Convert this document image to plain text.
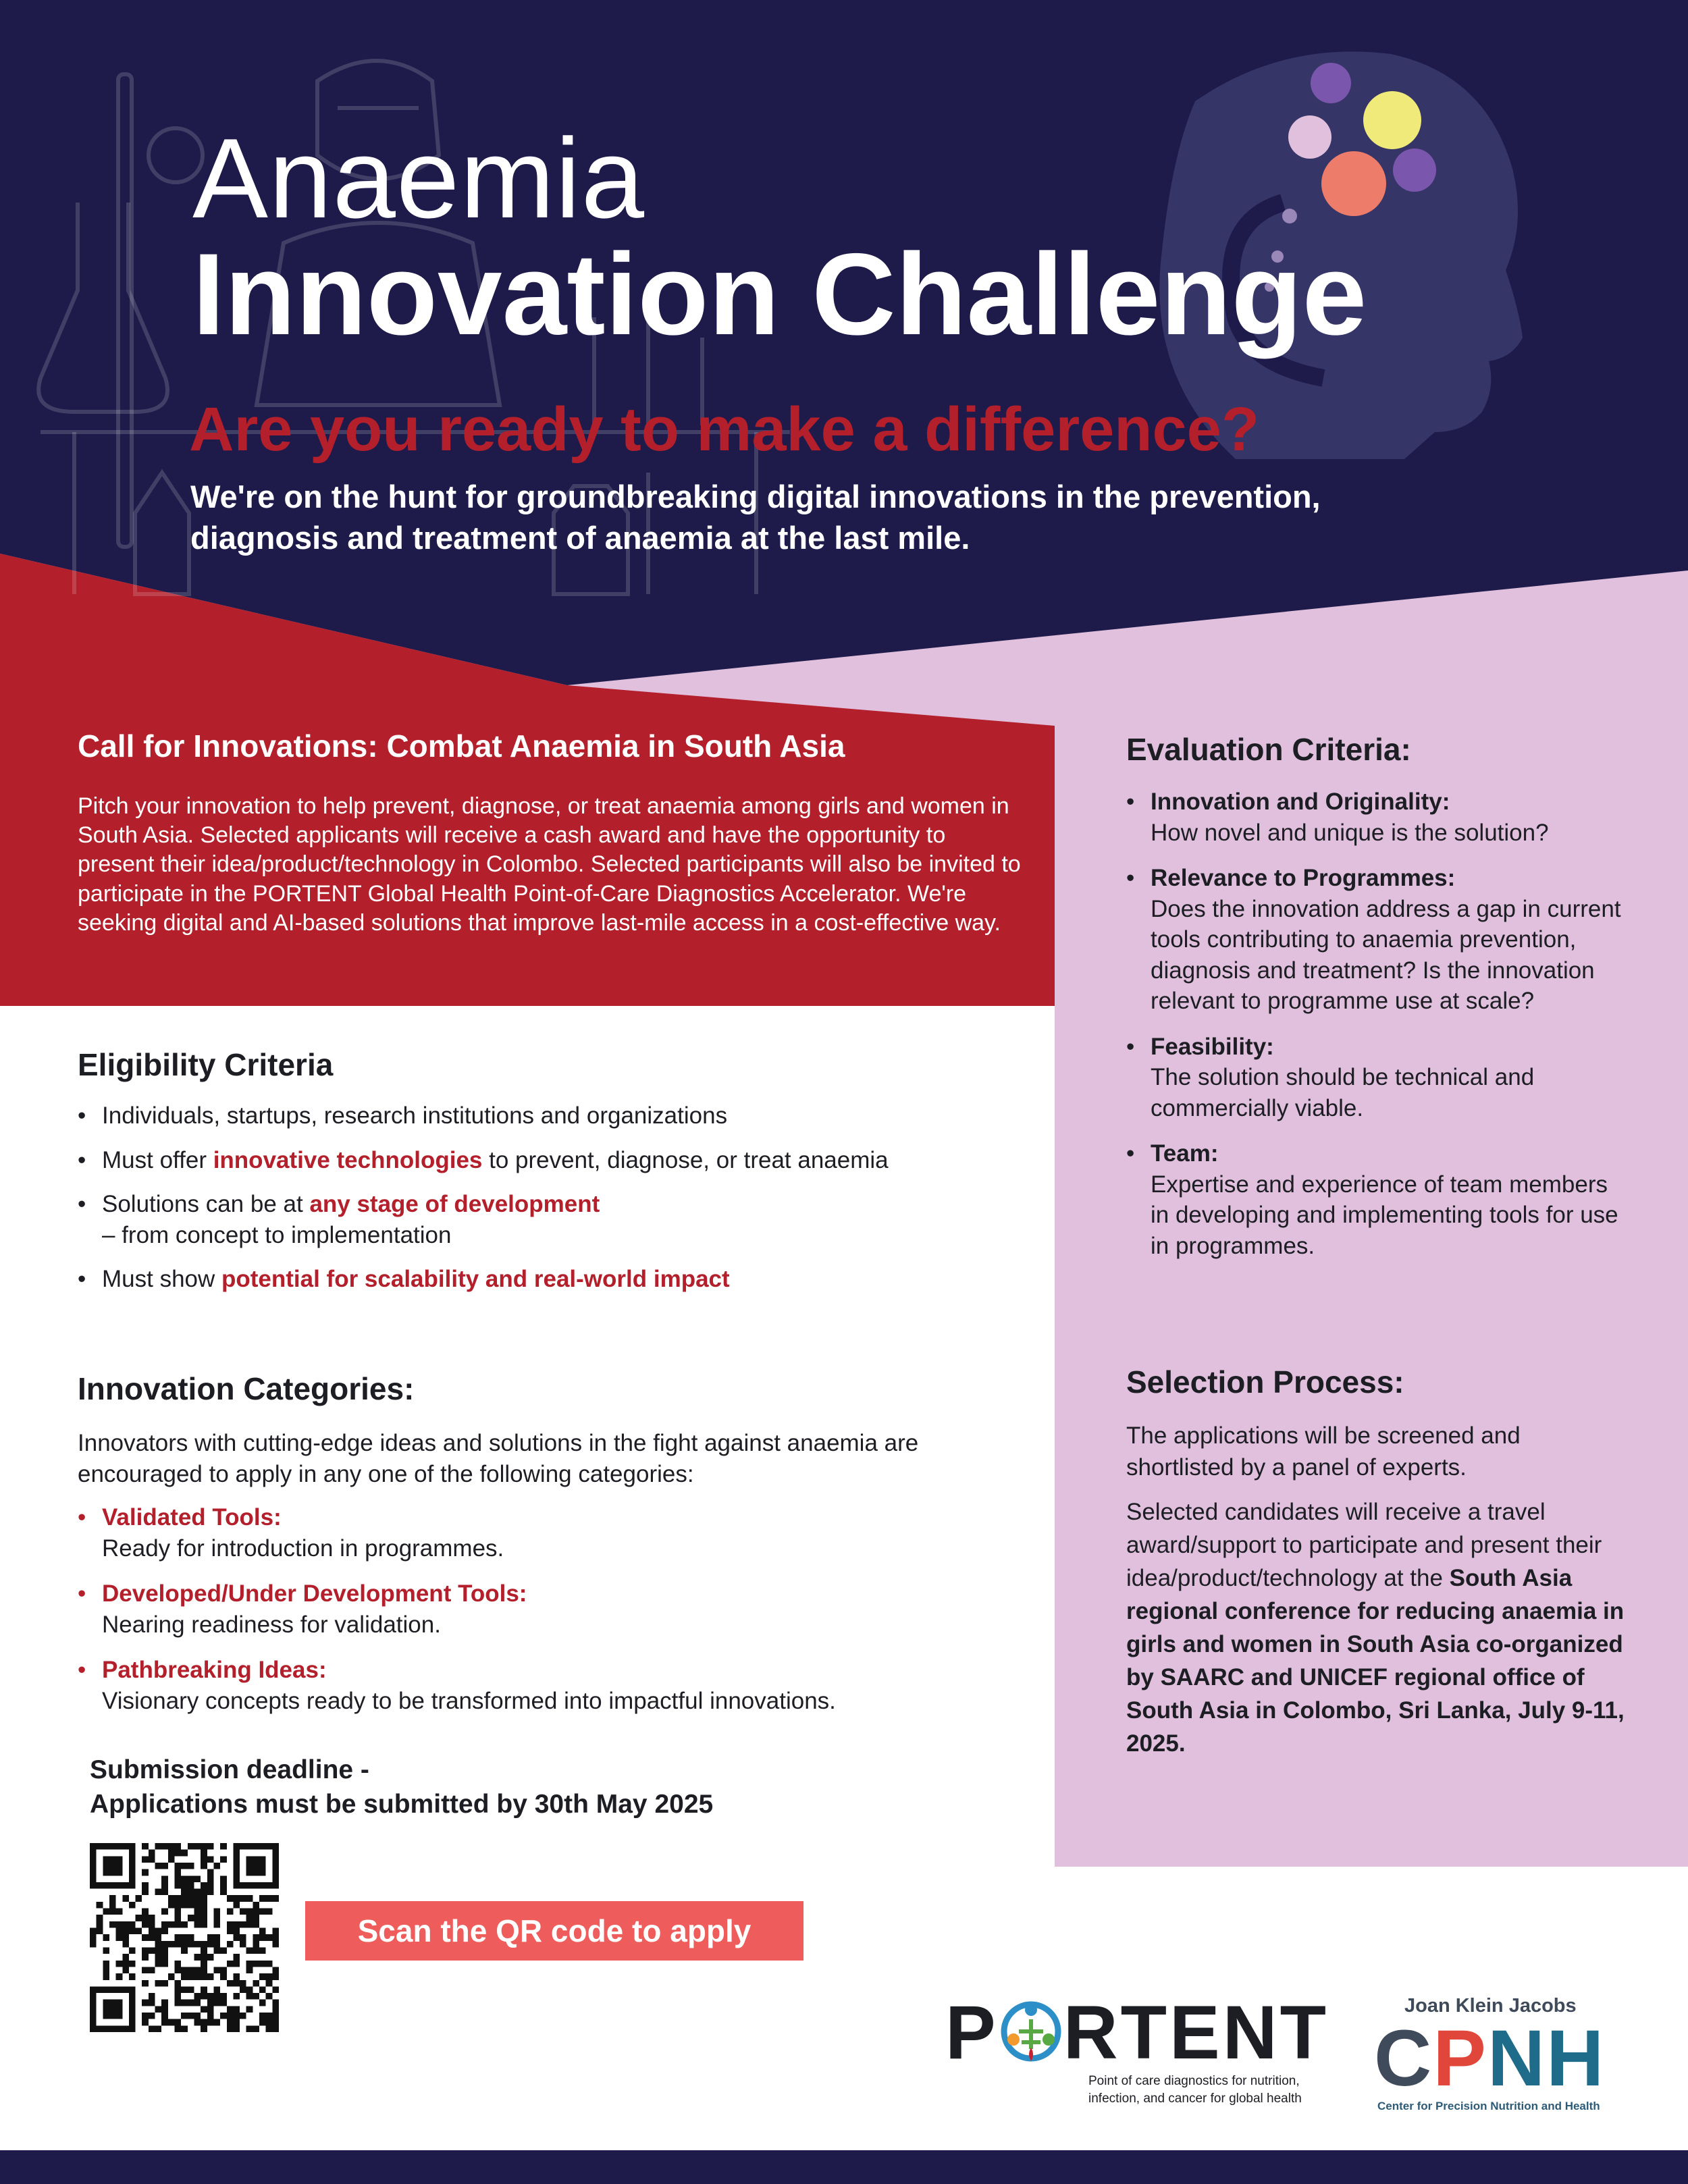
Anaemia
Innovation Challenge
Are you ready to make a difference?
We're on the hunt for groundbreaking digital innovations in the prevention, diagnosis and treatment of anaemia at the last mile.
Call for Innovations: Combat Anaemia in South Asia
Pitch your innovation to help prevent, diagnose, or treat anaemia among girls and women in South Asia. Selected applicants will receive a cash award and have the opportunity to present their idea/product/technology in Colombo. Selected participants will also be invited to participate in the PORTENT Global Health Point-of-Care Diagnostics Accelerator. We're seeking digital and AI-based solutions that improve last-mile access in a cost-effective way.
Eligibility Criteria
• Individuals, startups, research institutions and organizations
• Must offer innovative technologies to prevent, diagnose, or treat anaemia
• Solutions can be at any stage of development
– from concept to implementation
• Must show potential for scalability and real-world impact
Innovation Categories:
Innovators with cutting-edge ideas and solutions in the fight against anaemia are encouraged to apply in any one of the following categories:
• Validated Tools:
Ready for introduction in programmes.
• Developed/Under Development Tools:
Nearing readiness for validation.
• Pathbreaking Ideas:
Visionary concepts ready to be transformed into impactful innovations.
Submission deadline -
Applications must be submitted by 30th May 2025
Scan the QR code to apply
Evaluation Criteria:
• Innovation and Originality:
How novel and unique is the solution?
• Relevance to Programmes:
Does the innovation address a gap in current tools contributing to anaemia prevention, diagnosis and treatment? Is the innovation relevant to programme use at scale?
• Feasibility:
The solution should be technical and commercially viable.
• Team:
Expertise and experience of team members in developing and implementing tools for use in programmes.
Selection Process:
The applications will be screened and shortlisted by a panel of experts.
Selected candidates will receive a travel award/support to participate and present their idea/product/technology at the South Asia regional conference for reducing anaemia in girls and women in South Asia co-organized by SAARC and UNICEF regional office of South Asia in Colombo, Sri Lanka, July 9-11, 2025.
P RTENT
Point of care diagnostics for nutrition,
infection, and cancer for global health
Joan Klein Jacobs
CPNH
Center for Precision Nutrition and Health
